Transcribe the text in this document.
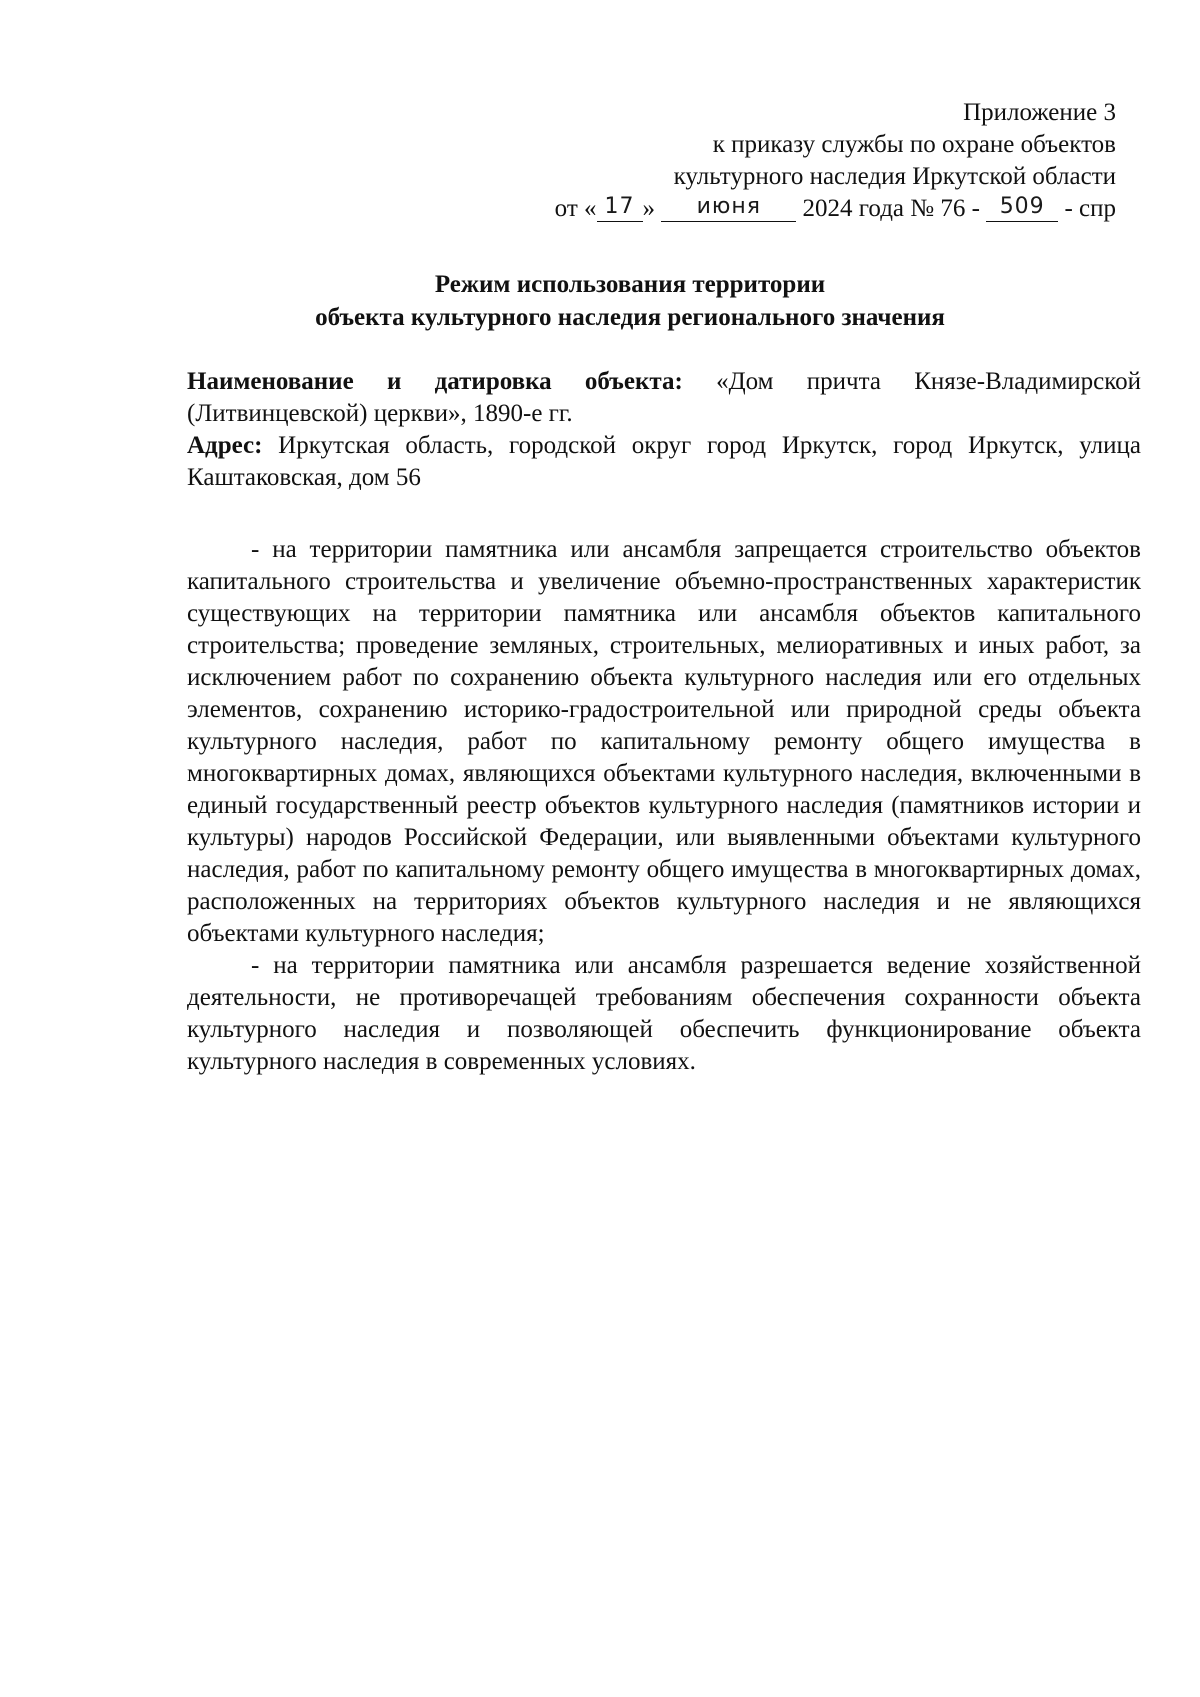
Приложение 3
к приказу службы по охране объектов
культурного наследия Иркутской области
от « 17 » июня 2024 года № 76 - 509 - спр
Режим использования территории
объекта культурного наследия регионального значения

Наименование и датировка объекта: «Дом причта Князе-Владимирской (Литвинцевской) церкви», 1890-е гг.

Адрес: Иркутская область, городской округ город Иркутск, город Иркутск, улица Каштаковская, дом 56

- на территории памятника или ансамбля запрещается строительство объектов капитального строительства и увеличение объемно-пространственных характеристик существующих на территории памятника или ансамбля объектов капитального строительства; проведение земляных, строительных, мелиоративных и иных работ, за исключением работ по сохранению объекта культурного наследия или его отдельных элементов, сохранению историко-градостроительной или природной среды объекта культурного наследия, работ по капитальному ремонту общего имущества в многоквартирных домах, являющихся объектами культурного наследия, включенными в единый государственный реестр объектов культурного наследия (памятников истории и культуры) народов Российской Федерации, или выявленными объектами культурного наследия, работ по капитальному ремонту общего имущества в многоквартирных домах, расположенных на территориях объектов культурного наследия и не являющихся объектами культурного наследия;

- на территории памятника или ансамбля разрешается ведение хозяйственной деятельности, не противоречащей требованиям обеспечения сохранности объекта культурного наследия и позволяющей обеспечить функционирование объекта культурного наследия в современных условиях.
